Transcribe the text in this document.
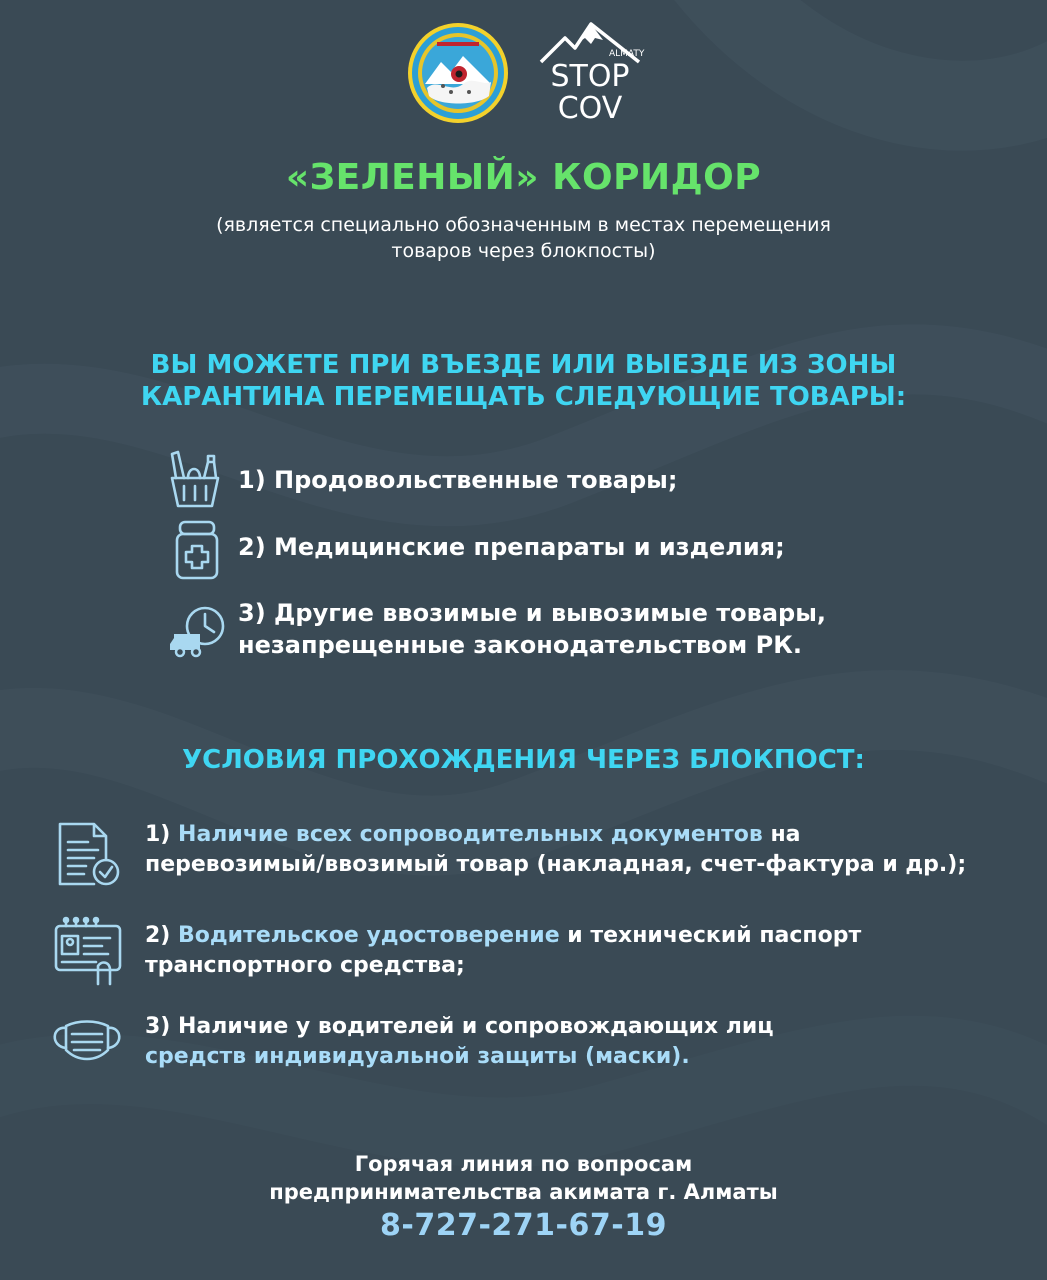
ALMATY
STOP
COV
«ЗЕЛЕНЫЙ» КОРИДОР
(является специально обозначенным в местах перемещения
товаров через блокпосты)
ВЫ МОЖЕТЕ ПРИ ВЪЕЗДЕ ИЛИ ВЫЕЗДЕ ИЗ ЗОНЫ
КАРАНТИНА ПЕРЕМЕЩАТЬ СЛЕДУЮЩИЕ ТОВАРЫ:
1) Продовольственные товары;
2) Медицинские препараты и изделия;
3) Другие ввозимые и вывозимые товары,
незапрещенные законодательством РК.
УСЛОВИЯ ПРОХОЖДЕНИЯ ЧЕРЕЗ БЛОКПОСТ:
1) Наличие всех сопроводительных документов на
перевозимый/ввозимый товар (накладная, счет-фактура и др.);
2) Водительское удостоверение и технический паспорт
транспортного средства;
3) Наличие у водителей и сопровождающих лиц
средств индивидуальной защиты (маски).
Горячая линия по вопросам
предпринимательства акимата г. Алматы
8-727-271-67-19
